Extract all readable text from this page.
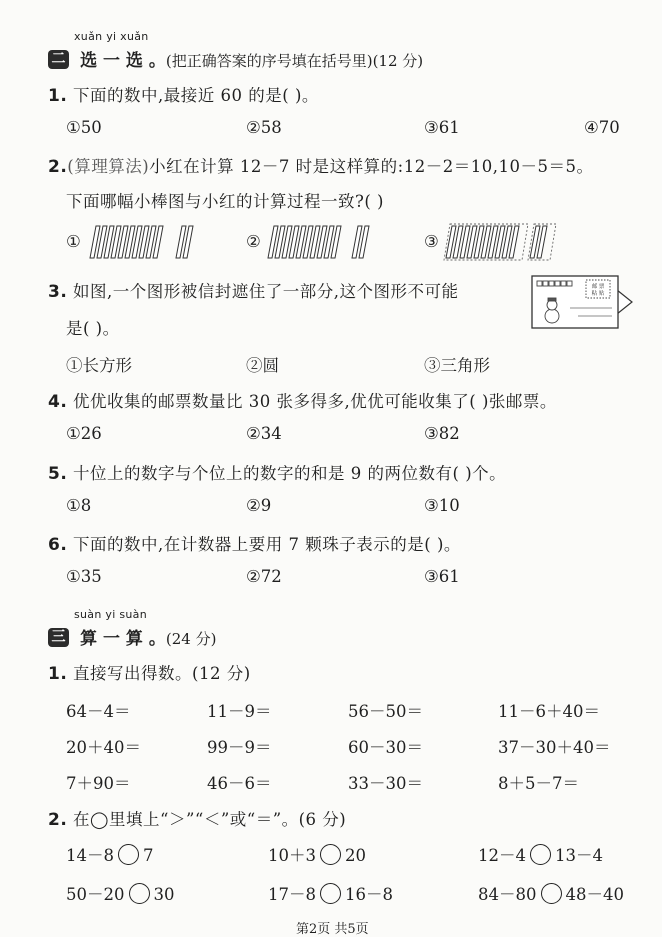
xuǎn yi xuǎn
二 选 一 选 。(把正确答案的序号填在括号里)(12 分)
1. 下面的数中,最接近 60 的是( )。
①50	②58	③61	④70
2.(算理算法)小红在计算 12－7 时是这样算的:12－2＝10,10－5＝5。
下面哪幅小棒图与小红的计算过程一致?( )
①	②	③
3. 如图,一个图形被信封遮住了一部分,这个图形不可能
是( )。
邮 票
粘 贴
①长方形	②圆	③三角形
4. 优优收集的邮票数量比 30 张多得多,优优可能收集了( )张邮票。
①26	②34	③82
5. 十位上的数字与个位上的数字的和是 9 的两位数有( )个。
①8	②9	③10
6. 下面的数中,在计数器上要用 7 颗珠子表示的是( )。
①35	②72	③61
suàn yi suàn
三 算 一 算 。(24 分)
1. 直接写出得数。(12 分)
64－4＝	11－9＝	56－50＝	11－6＋40＝
20＋40＝	99－9＝	60－30＝	37－30＋40＝
7＋90＝	46－6＝	33－30＝	8＋5－7＝
2. 在◯里填上“＞”“＜”或“＝”。(6 分)
14－8 7	10＋3 20	12－4 13－4
50－20 30	17－8 16－8	84－80 48－40
第2页 共5页
